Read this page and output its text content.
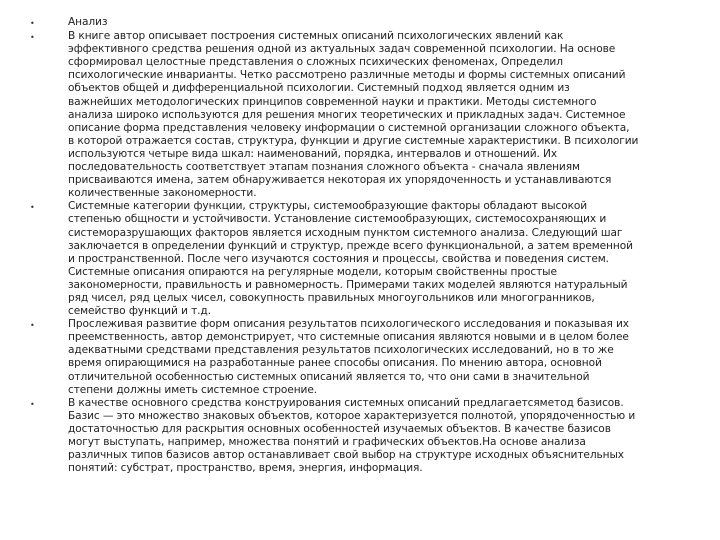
•	Анализ
•	В книге автор описывает построения системных описаний психологических явлений как
эффективного средства решения одной из актуальных задач современной психологии. На основе
сформировал целостные представления о сложных психических феноменах, Определил
психологические инварианты. Четко рассмотрено различные методы и формы системных описаний
объектов общей и дифференциальной психологии. Системный подход является одним из
важнейших методологических принципов современной науки и практики. Методы системного
анализа широко используются для решения многих теоретических и прикладных задач. Системное
описание форма представления человеку информации о системной организации сложного объекта,
в которой отражается состав, структура, функции и другие системные характеристики. В психологии
используются четыре вида шкал: наименований, порядка, интервалов и отношений. Их
последовательность соответствует этапам познания сложного объекта - сначала явлениям
присваиваются имена, затем обнаруживается некоторая их упорядоченность и устанавливаются
количественные закономерности.
•	Системные категории функции, структуры, системообразующие факторы обладают высокой
степенью общности и устойчивости. Установление системообразующих, системосохраняющих и
системоразрушающих факторов является исходным пунктом системного анализа. Следующий шаг
заключается в определении функций и структур, прежде всего функциональной, а затем временной
и пространственной. После чего изучаются состояния и процессы, свойства и поведения систем.
Системные описания опираются на регулярные модели, которым свойственны простые
закономерности, правильность и равномерность. Примерами таких моделей являются натуральный
ряд чисел, ряд целых чисел, совокупность правильных многоугольников или многогранников,
семейство функций и т.д.
•	Прослеживая развитие форм описания результатов психологического исследования и показывая их
преемственность, автор демонстрирует, что системные описания являются новыми и в целом более
адекватными средствами представления результатов психологических исследований, но в то же
время опирающимися на разработанные ранее способы описания. По мнению автора, основной
отличительной особенностью системных описаний является то, что они сами в значительной
степени должны иметь системное строение.
•	В качестве основного средства конструирования системных описаний предлагаетсяметод базисов.
Базис — это множество знаковых объектов, которое характеризуется полнотой, упорядоченностью и
достаточностью для раскрытия основных особенностей изучаемых объектов. В качестве базисов
могут выступать, например, множества понятий и графических объектов.На основе анализа
различных типов базисов автор останавливает свой выбор на структуре исходных объяснительных
понятий: субстрат, пространство, время, энергия, информация.
